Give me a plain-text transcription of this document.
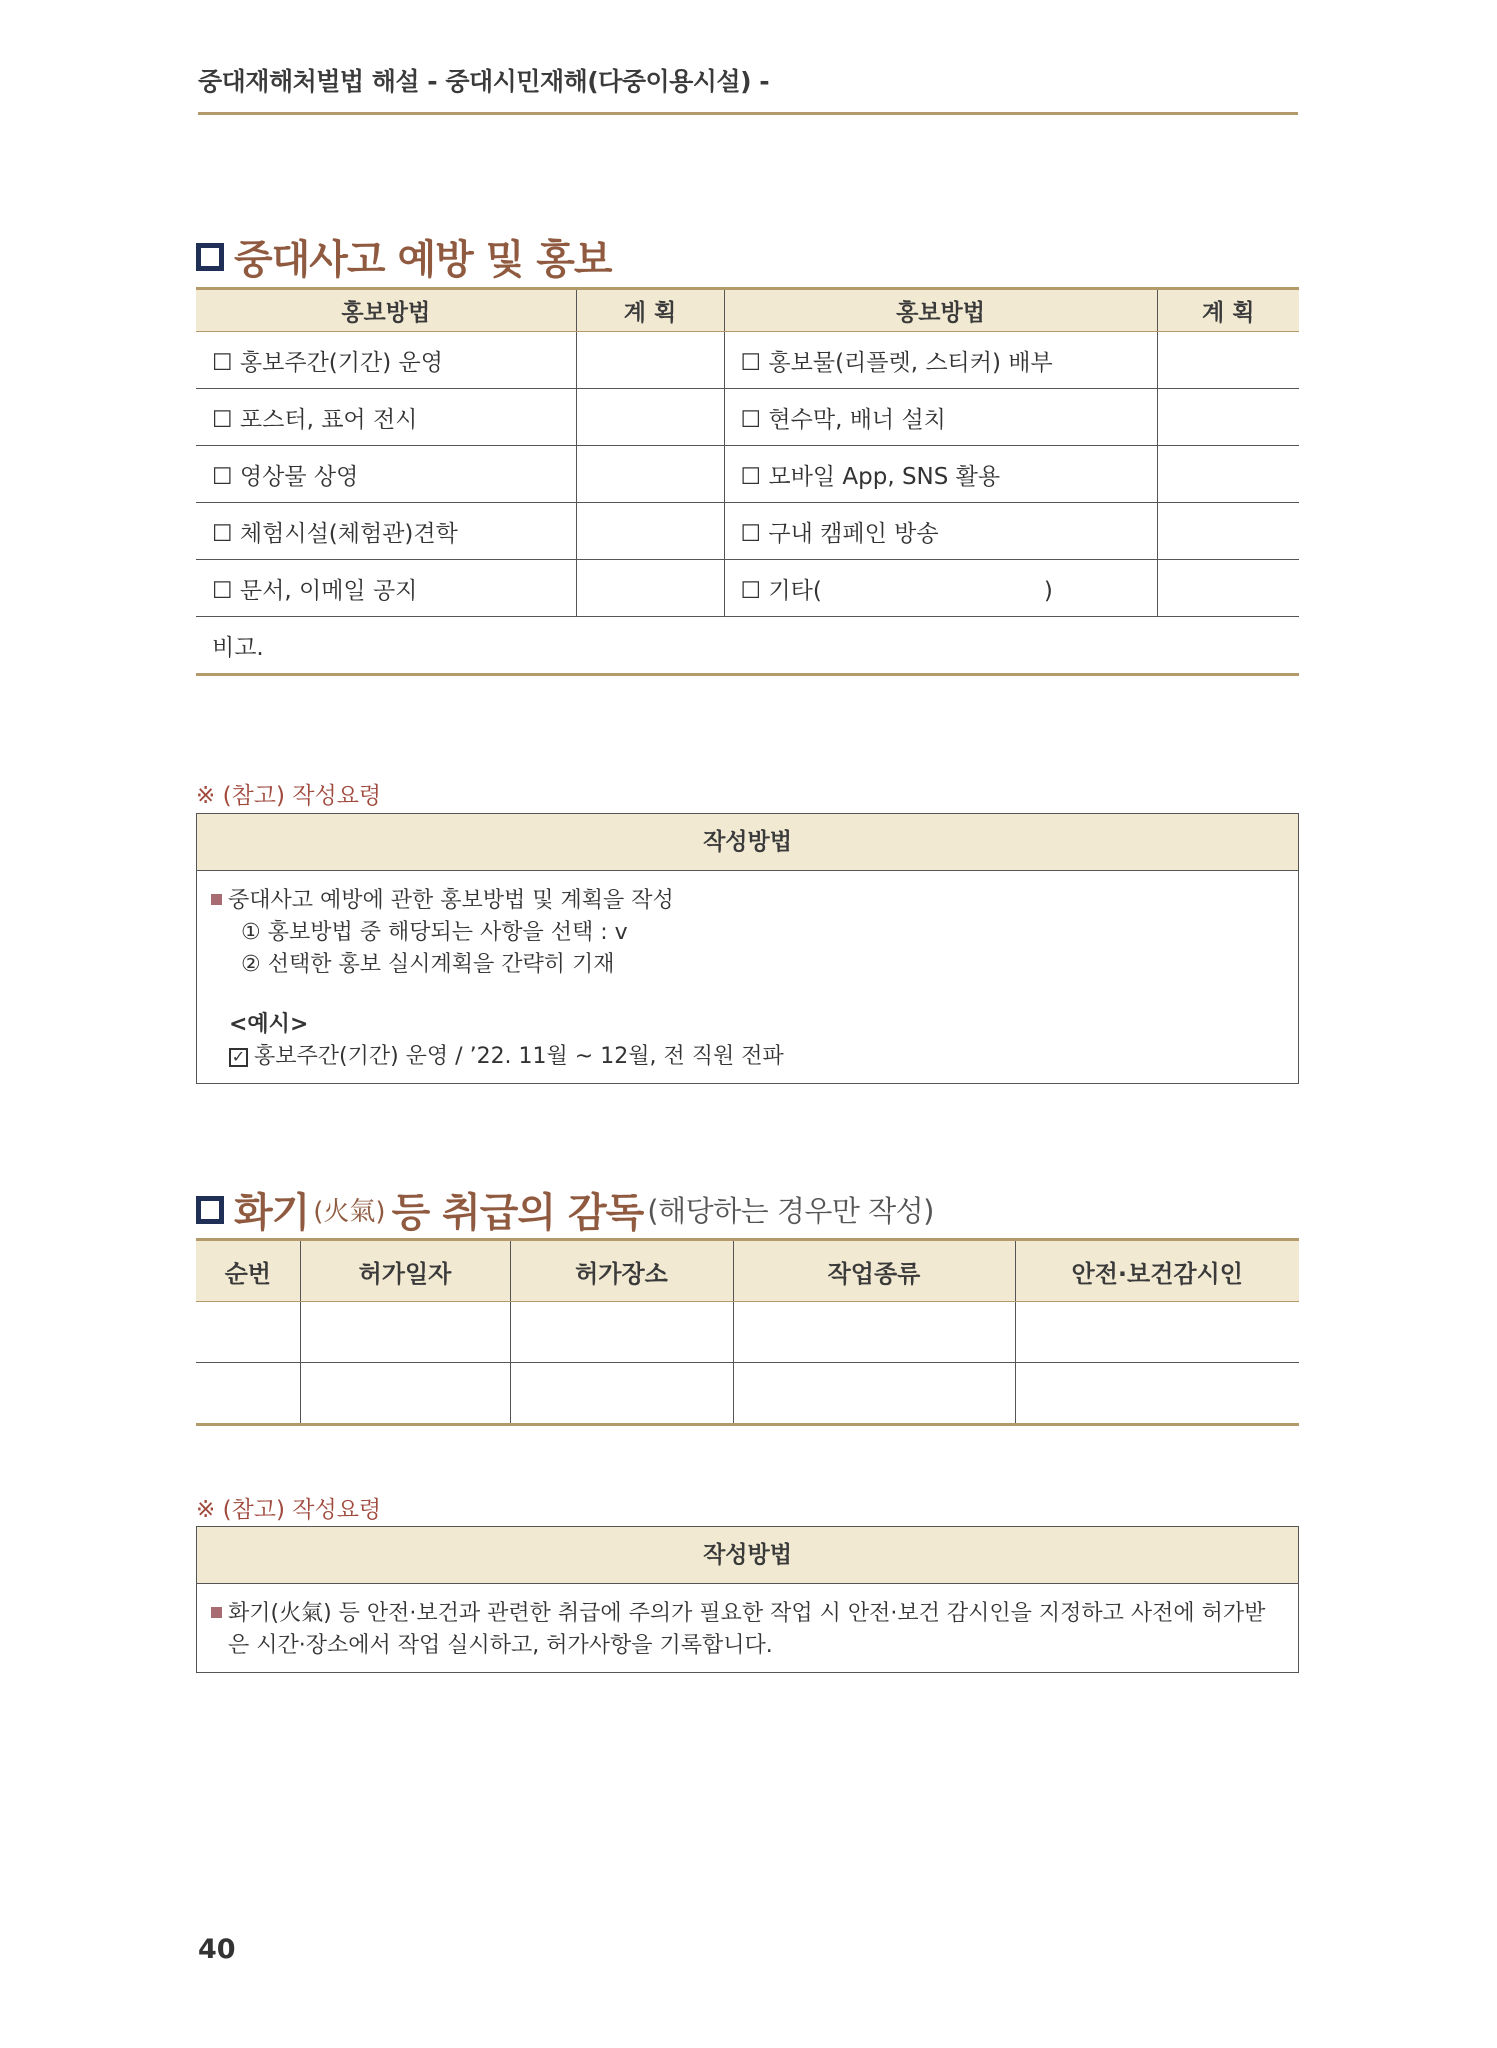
중대재해처벌법 해설 - 중대시민재해(다중이용시설) -
중대사고 예방 및 홍보
홍보방법	계 획	홍보방법	계 획
☐ 홍보주간(기간) 운영		☐ 홍보물(리플렛, 스티커) 배부	
☐ 포스터, 표어 전시		☐ 현수막, 배너 설치	
☐ 영상물 상영		☐ 모바일 App, SNS 활용	
☐ 체험시설(체험관)견학		☐ 구내 캠페인 방송	
☐ 문서, 이메일 공지		☐ 기타( )	
비고.			
※ (참고) 작성요령
작성방법
중대사고 예방에 관한 홍보방법 및 계획을 작성
① 홍보방법 중 해당되는 사항을 선택 : v
② 선택한 홍보 실시계획을 간략히 기재
<예시>
✓ 홍보주간(기간) 운영 / ’22. 11월 ~ 12월, 전 직원 전파
화기 (火氣) 등 취급의 감독 (해당하는 경우만 작성)
순번	허가일자	허가장소	작업종류	안전·보건감시인

※ (참고) 작성요령
작성방법
화기(火氣) 등 안전·보건과 관련한 취급에 주의가 필요한 작업 시 안전·보건 감시인을 지정하고 사전에 허가받은 시간·장소에서 작업 실시하고, 허가사항을 기록합니다.
40
